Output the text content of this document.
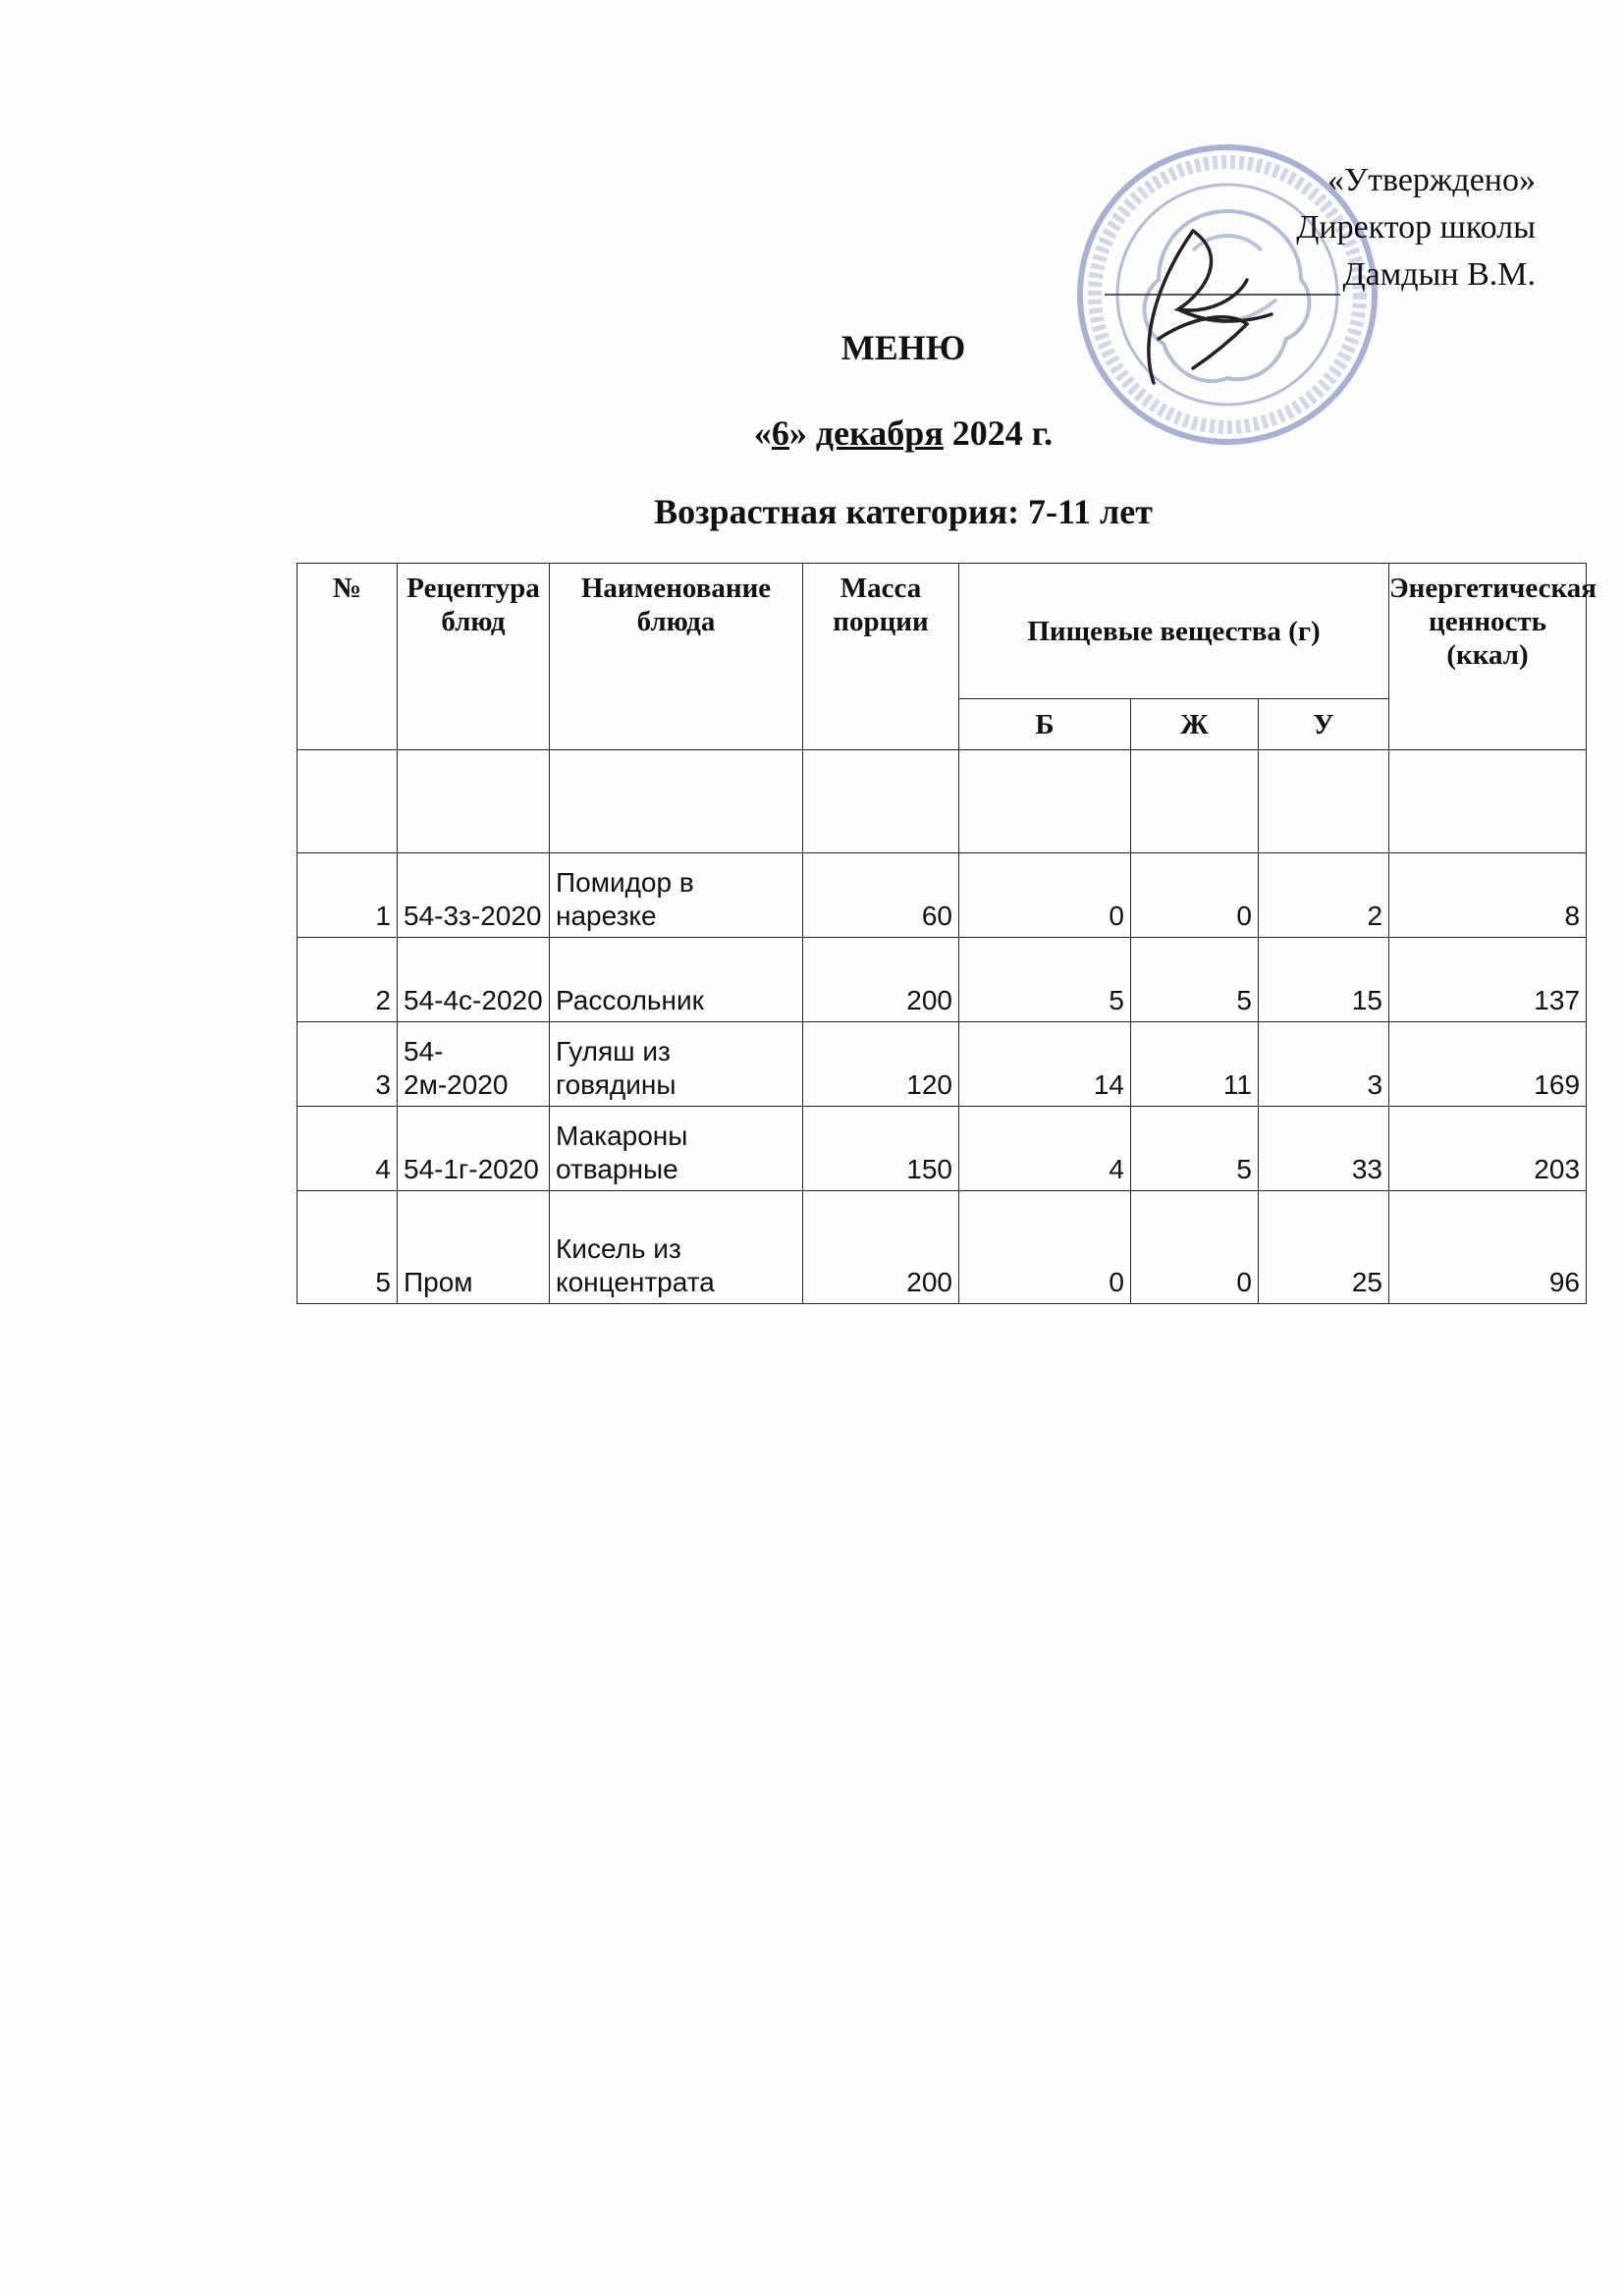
«Утверждено»
Директор школы
Дамдын В.М.
МЕНЮ
«6» декабря 2024 г.
Возрастная категория: 7-11 лет
№	Рецептура блюд	Наименование блюда	Масса порции	Пищевые вещества (г)			Энергетическая ценность (ккал)
				Б	Ж	У	

1	54-3з-2020	Помидор в нарезке	60	0	0	2	8
2	54-4с-2020	Рассольник	200	5	5	15	137
3	54-2м-2020	Гуляш из говядины	120	14	11	3	169
4	54-1г-2020	Макароны отварные	150	4	5	33	203
5	Пром	Кисель из концентрата	200	0	0	25	96
